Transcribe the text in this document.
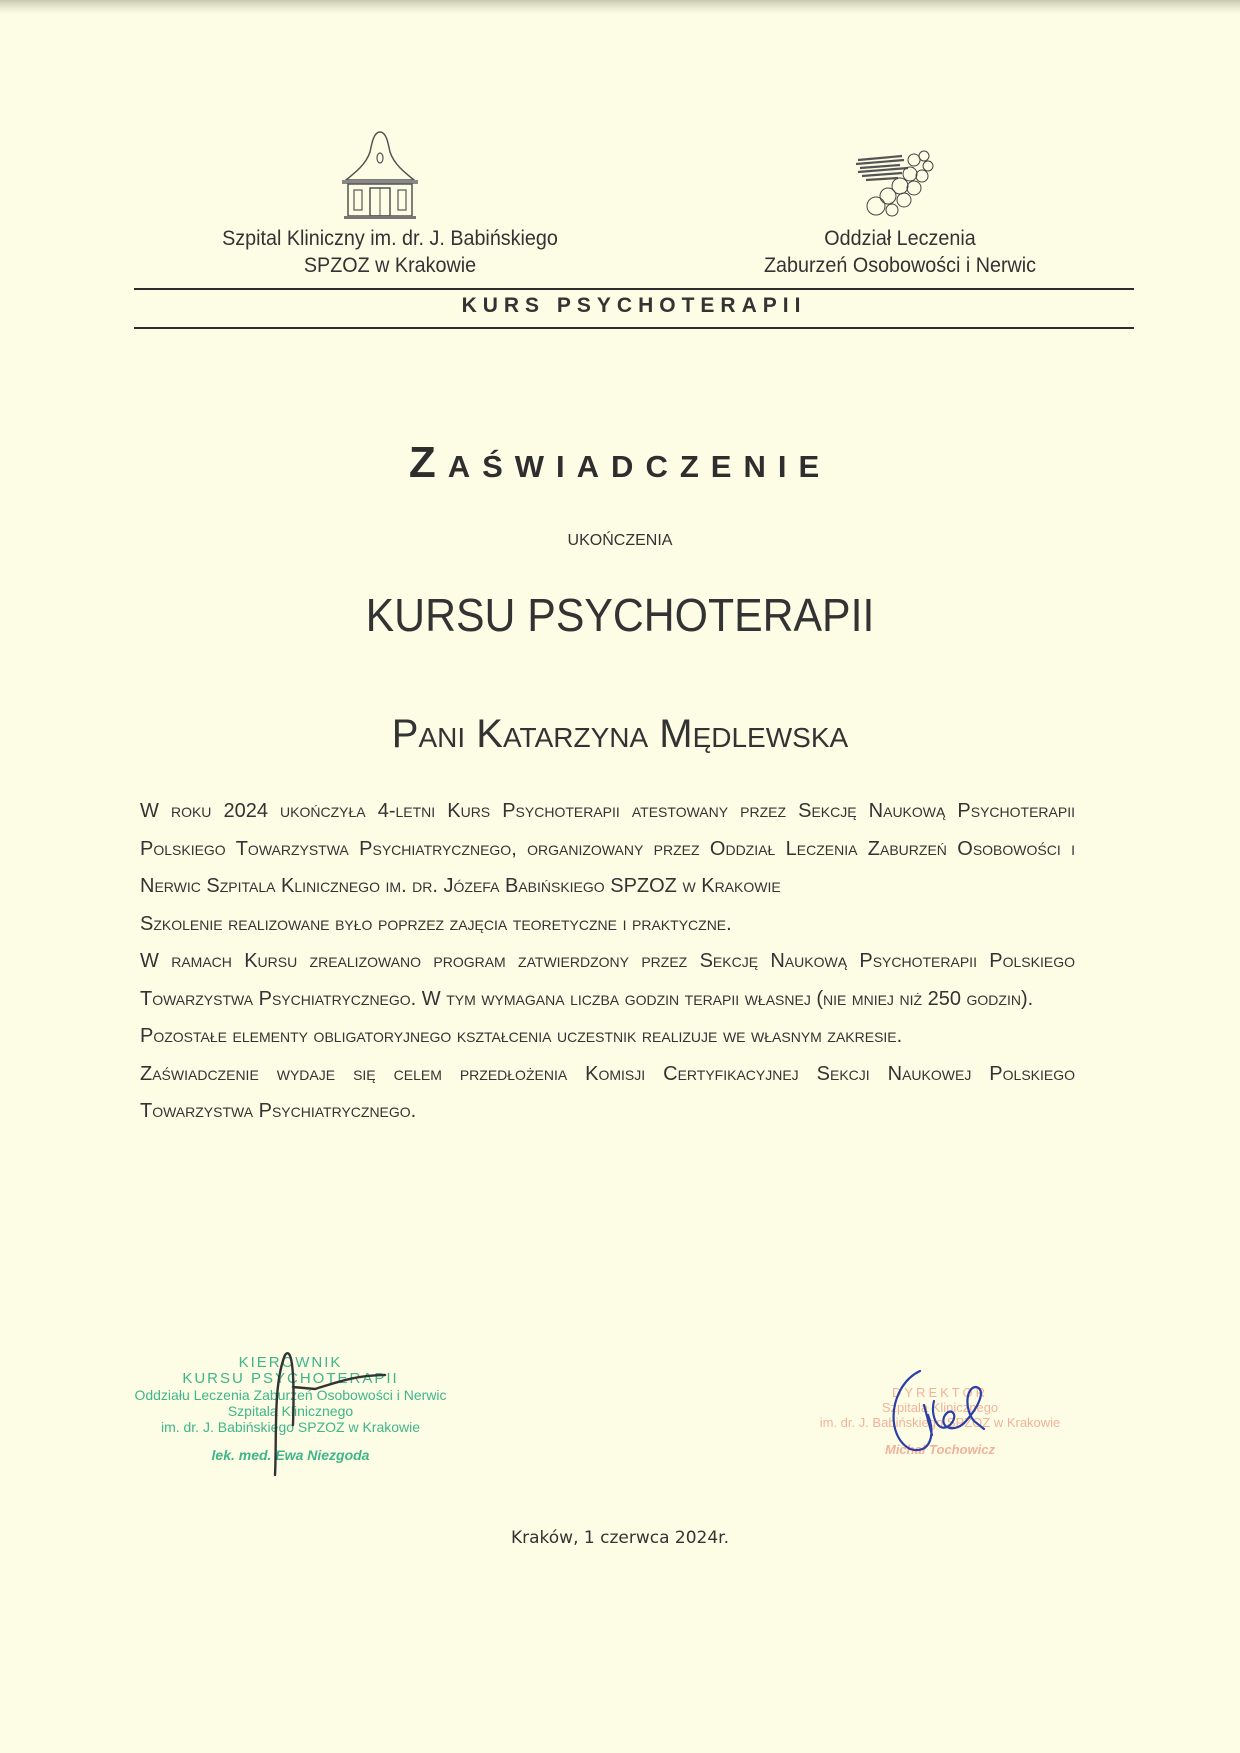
Szpital Kliniczny im. dr. J. Babińskiego
SPZOZ w Krakowie
Oddział Leczenia
Zaburzeń Osobowości i Nerwic
KURS PSYCHOTERAPII
Zaświadczenie
UKOŃCZENIA
KURSU PSYCHOTERAPII
Pani Katarzyna Mędlewska

W roku 2024 ukończyła 4-letni Kurs Psychoterapii atestowany przez Sekcję Naukową Psychoterapii Polskiego Towarzystwa Psychiatrycznego, organizowany przez Oddział Leczenia Zaburzeń Osobowości i Nerwic Szpitala Klinicznego im. dr. Józefa Babińskiego SPZOZ w Krakowie

Szkolenie realizowane było poprzez zajęcia teoretyczne i praktyczne.

W ramach Kursu zrealizowano program zatwierdzony przez Sekcję Naukową Psychoterapii Polskiego Towarzystwa Psychiatrycznego. W tym wymagana liczba godzin terapii własnej (nie mniej niż 250 godzin).

Pozostałe elementy obligatoryjnego kształcenia uczestnik realizuje we własnym zakresie.

Zaświadczenie wydaje się celem przedłożenia Komisji Certyfikacyjnej Sekcji Naukowej Polskiego Towarzystwa Psychiatrycznego.

KIEROWNIK
KURSU PSYCHOTERAPII
Oddziału Leczenia Zaburzeń Osobowości i Nerwic
Szpitala Klinicznego
im. dr. J. Babińskiego SPZOZ w Krakowie
lek. med. Ewa Niezgoda
DYREKTOR
Szpitala Klinicznego
im. dr. J. Babińskiego SPZOZ w Krakowie
Michał Tochowicz
Kraków, 1 czerwca 2024r.
